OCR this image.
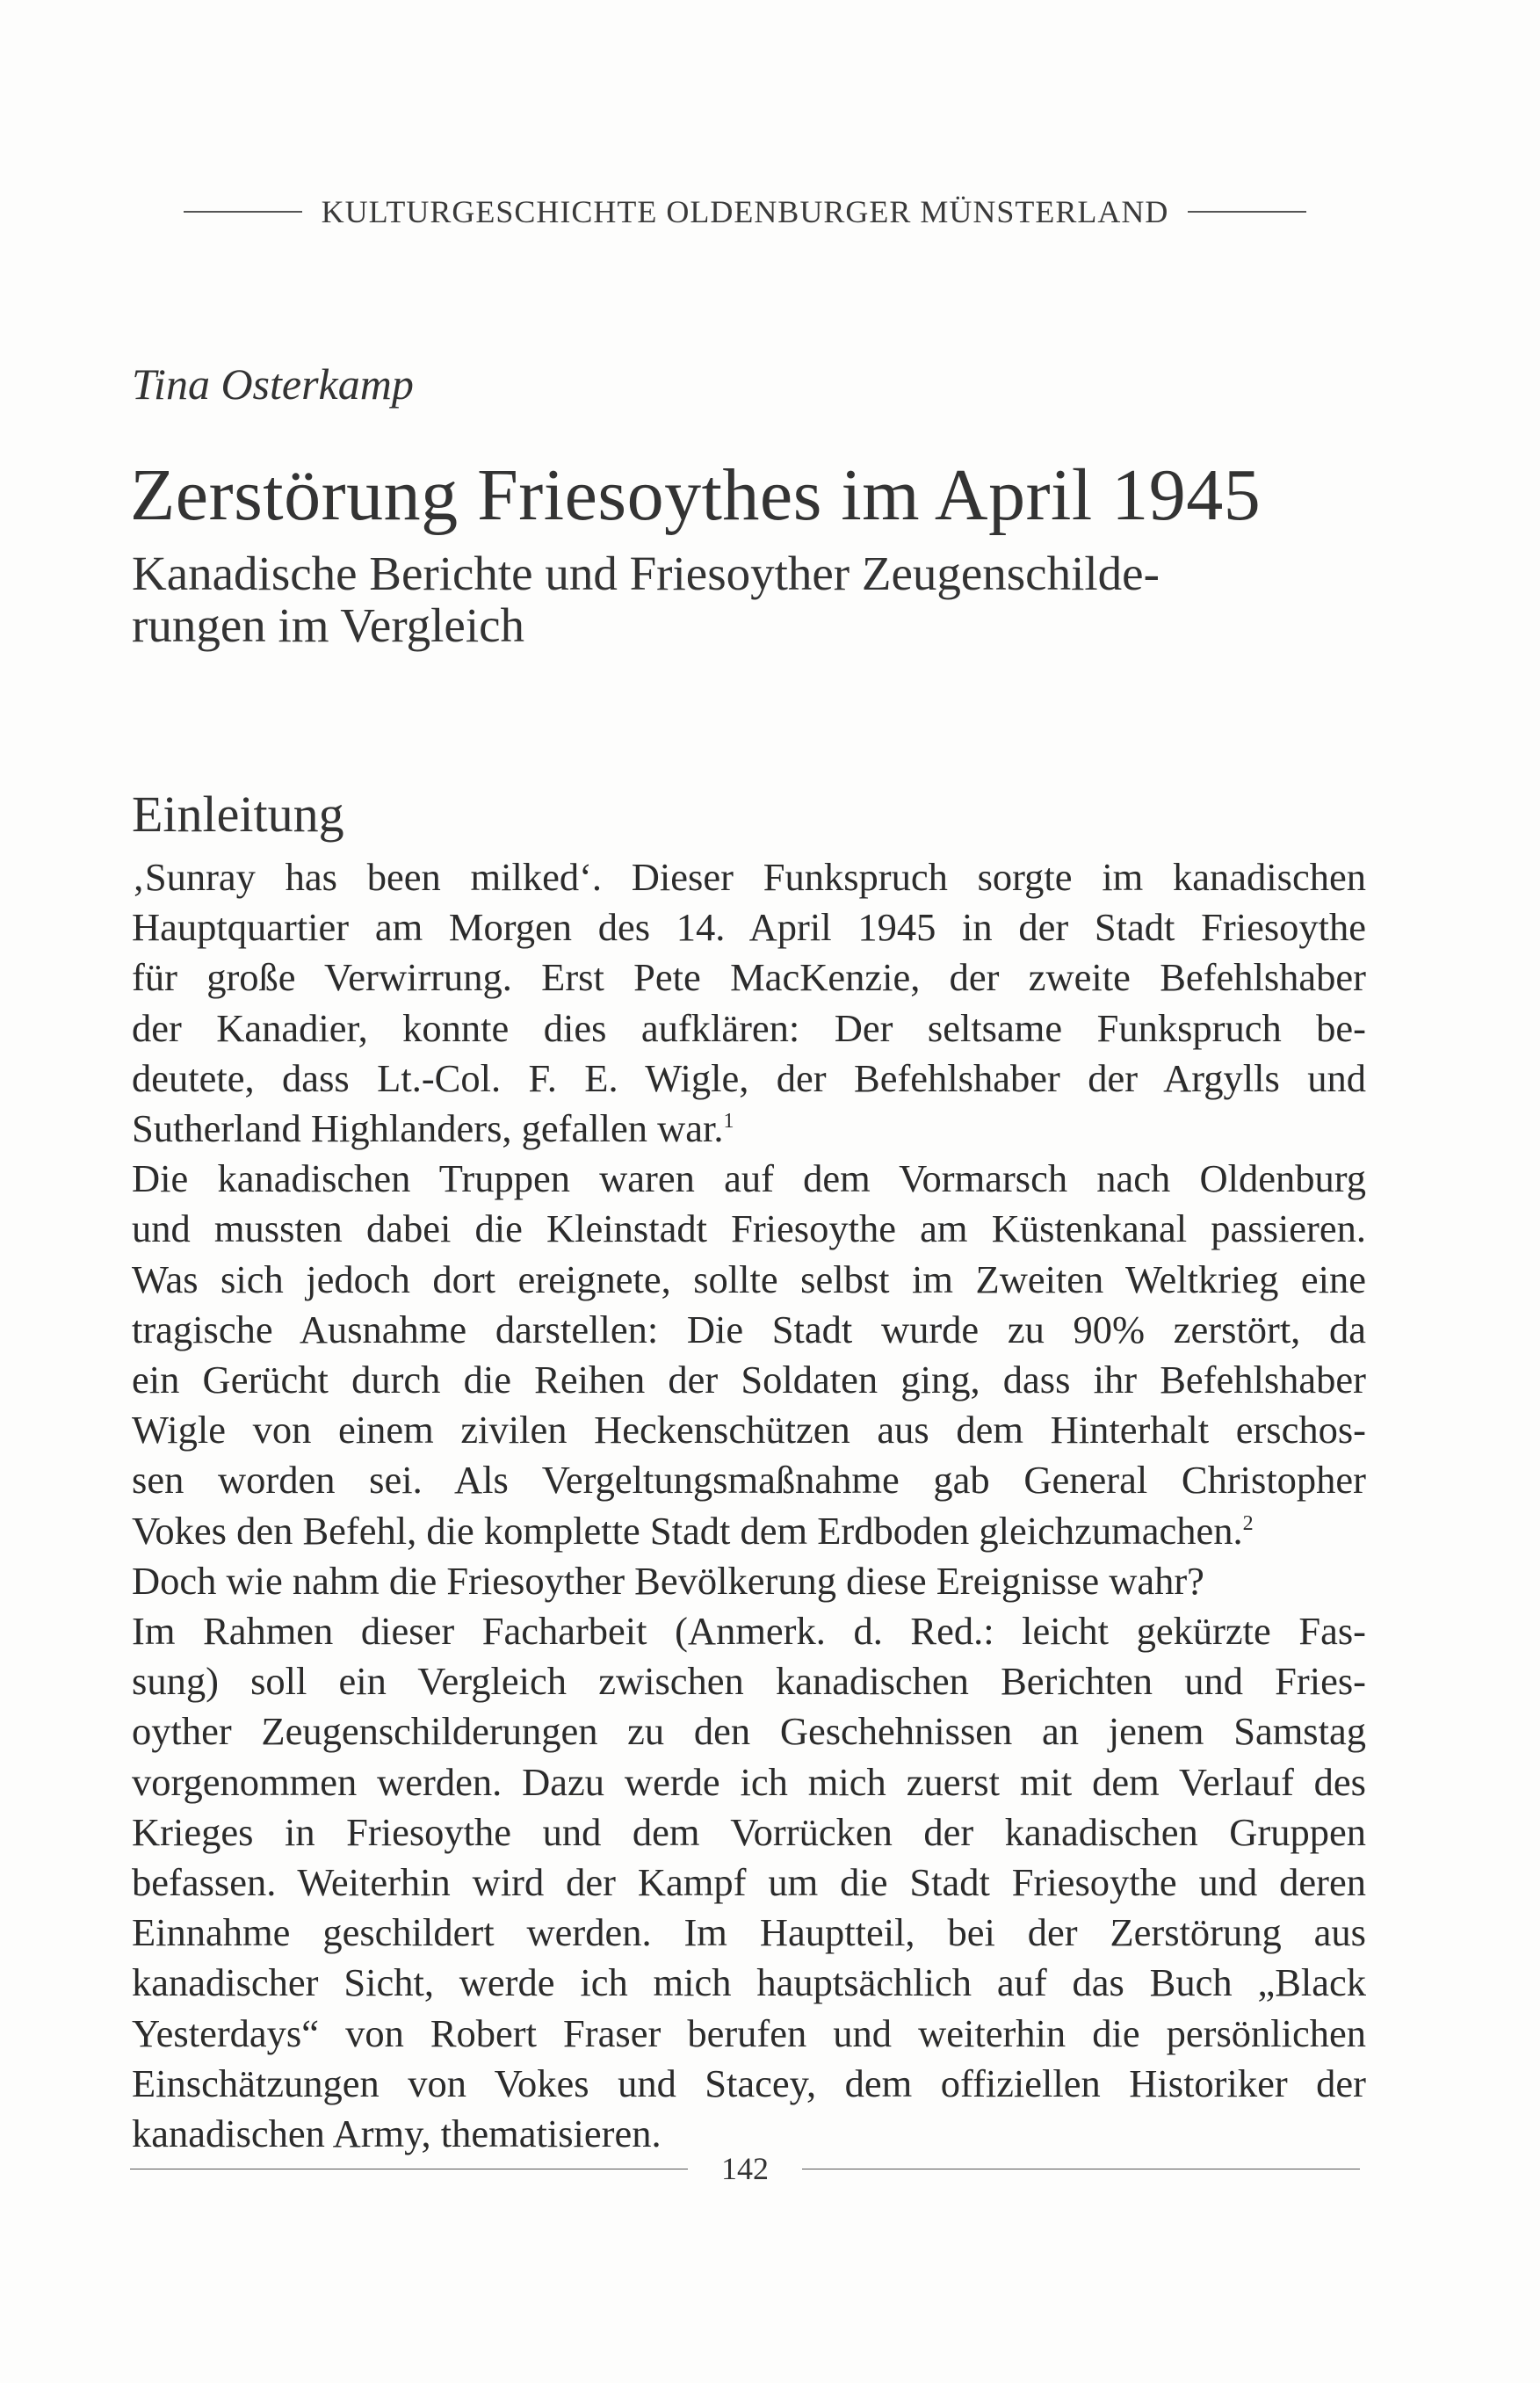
KULTURGESCHICHTE OLDENBURGER MÜNSTERLAND
Tina Osterkamp
Zerstörung Friesoythes im April 1945
Kanadische Berichte und Friesoyther Zeugenschilde-
rungen im Vergleich
Einleitung
‚Sunray has been milked‘. Dieser Funkspruch sorgte im kanadischen
Hauptquartier am Morgen des 14. April 1945 in der Stadt Friesoythe
für große Verwirrung. Erst Pete MacKenzie, der zweite Befehlshaber
der Kanadier, konnte dies aufklären: Der seltsame Funkspruch be-
deutete, dass Lt.-Col. F. E. Wigle, der Befehlshaber der Argylls und
Sutherland Highlanders, gefallen war.$^1$
Die kanadischen Truppen waren auf dem Vormarsch nach Oldenburg
und mussten dabei die Kleinstadt Friesoythe am Küstenkanal passieren.
Was sich jedoch dort ereignete, sollte selbst im Zweiten Weltkrieg eine
tragische Ausnahme darstellen: Die Stadt wurde zu 90% zerstört, da
ein Gerücht durch die Reihen der Soldaten ging, dass ihr Befehlshaber
Wigle von einem zivilen Heckenschützen aus dem Hinterhalt erschos-
sen worden sei. Als Vergeltungsmaßnahme gab General Christopher
Vokes den Befehl, die komplette Stadt dem Erdboden gleichzumachen.$^2$
Doch wie nahm die Friesoyther Bevölkerung diese Ereignisse wahr?
Im Rahmen dieser Facharbeit (Anmerk. d. Red.: leicht gekürzte Fas-
sung) soll ein Vergleich zwischen kanadischen Berichten und Fries-
oyther Zeugenschilderungen zu den Geschehnissen an jenem Samstag
vorgenommen werden. Dazu werde ich mich zuerst mit dem Verlauf des
Krieges in Friesoythe und dem Vorrücken der kanadischen Gruppen
befassen. Weiterhin wird der Kampf um die Stadt Friesoythe und deren
Einnahme geschildert werden. Im Hauptteil, bei der Zerstörung aus
kanadischer Sicht, werde ich mich hauptsächlich auf das Buch „Black
Yesterdays“ von Robert Fraser berufen und weiterhin die persönlichen
Einschätzungen von Vokes und Stacey, dem offiziellen Historiker der
kanadischen Army, thematisieren.
142
